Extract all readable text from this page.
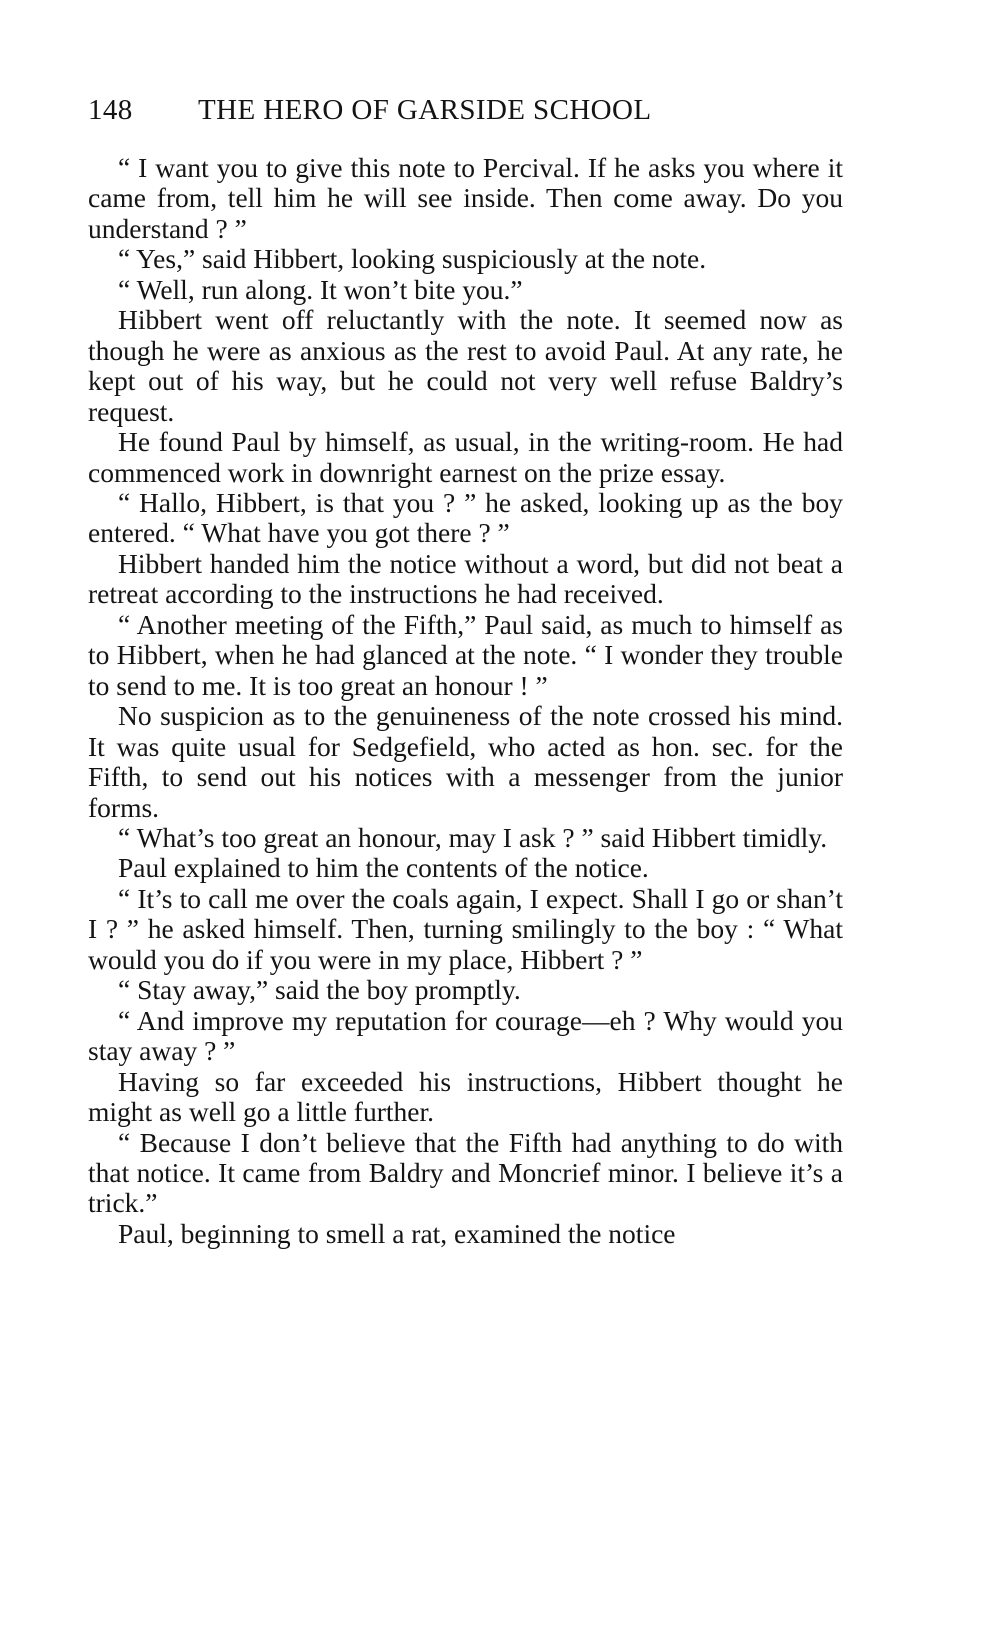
148 THE HERO OF GARSIDE SCHOOL

“ I want you to give this note to Percival. If he asks you where it came from, tell him he will see inside. Then come away. Do you understand ? ”

“ Yes,” said Hibbert, looking suspiciously at the note.

“ Well, run along. It won’t bite you.”

Hibbert went off reluctantly with the note. It seemed now as though he were as anxious as the rest to avoid Paul. At any rate, he kept out of his way, but he could not very well refuse Baldry’s request.

He found Paul by himself, as usual, in the writing-room. He had commenced work in downright earnest on the prize essay.

“ Hallo, Hibbert, is that you ? ” he asked, looking up as the boy entered. “ What have you got there ? ”

Hibbert handed him the notice without a word, but did not beat a retreat according to the instructions he had received.

“ Another meeting of the Fifth,” Paul said, as much to himself as to Hibbert, when he had glanced at the note. “ I wonder they trouble to send to me. It is too great an honour ! ”

No suspicion as to the genuineness of the note crossed his mind. It was quite usual for Sedgefield, who acted as hon. sec. for the Fifth, to send out his notices with a messenger from the junior forms.

“ What’s too great an honour, may I ask ? ” said Hibbert timidly.

Paul explained to him the contents of the notice.

“ It’s to call me over the coals again, I expect. Shall I go or shan’t I ? ” he asked himself. Then, turning smilingly to the boy : “ What would you do if you were in my place, Hibbert ? ”

“ Stay away,” said the boy promptly.

“ And improve my reputation for courage—eh ? Why would you stay away ? ”

Having so far exceeded his instructions, Hibbert thought he might as well go a little further.

“ Because I don’t believe that the Fifth had anything to do with that notice. It came from Baldry and Moncrief minor. I believe it’s a trick.”

Paul, beginning to smell a rat, examined the notice
